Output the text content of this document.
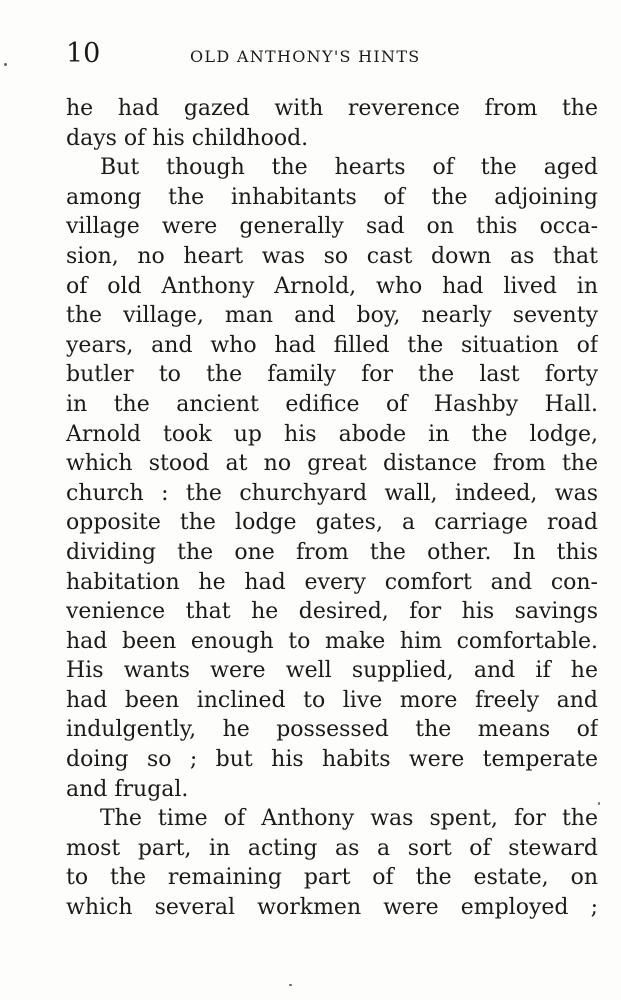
10	OLD ANTHONY'S HINTS
he had gazed with reverence from the
days of his childhood.
But though the hearts of the aged
among the inhabitants of the adjoining
village were generally sad on this occa-
sion, no heart was so cast down as that
of old Anthony Arnold, who had lived in
the village, man and boy, nearly seventy
years, and who had filled the situation of
butler to the family for the last forty
in the ancient edifice of Hashby Hall.
Arnold took up his abode in the lodge,
which stood at no great distance from the
church : the churchyard wall, indeed, was
opposite the lodge gates, a carriage road
dividing the one from the other. In this
habitation he had every comfort and con-
venience that he desired, for his savings
had been enough to make him comfortable.
His wants were well supplied, and if he
had been inclined to live more freely and
indulgently, he possessed the means of
doing so ; but his habits were temperate
and frugal.
The time of Anthony was spent, for the
most part, in acting as a sort of steward
to the remaining part of the estate, on
which several workmen were employed ;
